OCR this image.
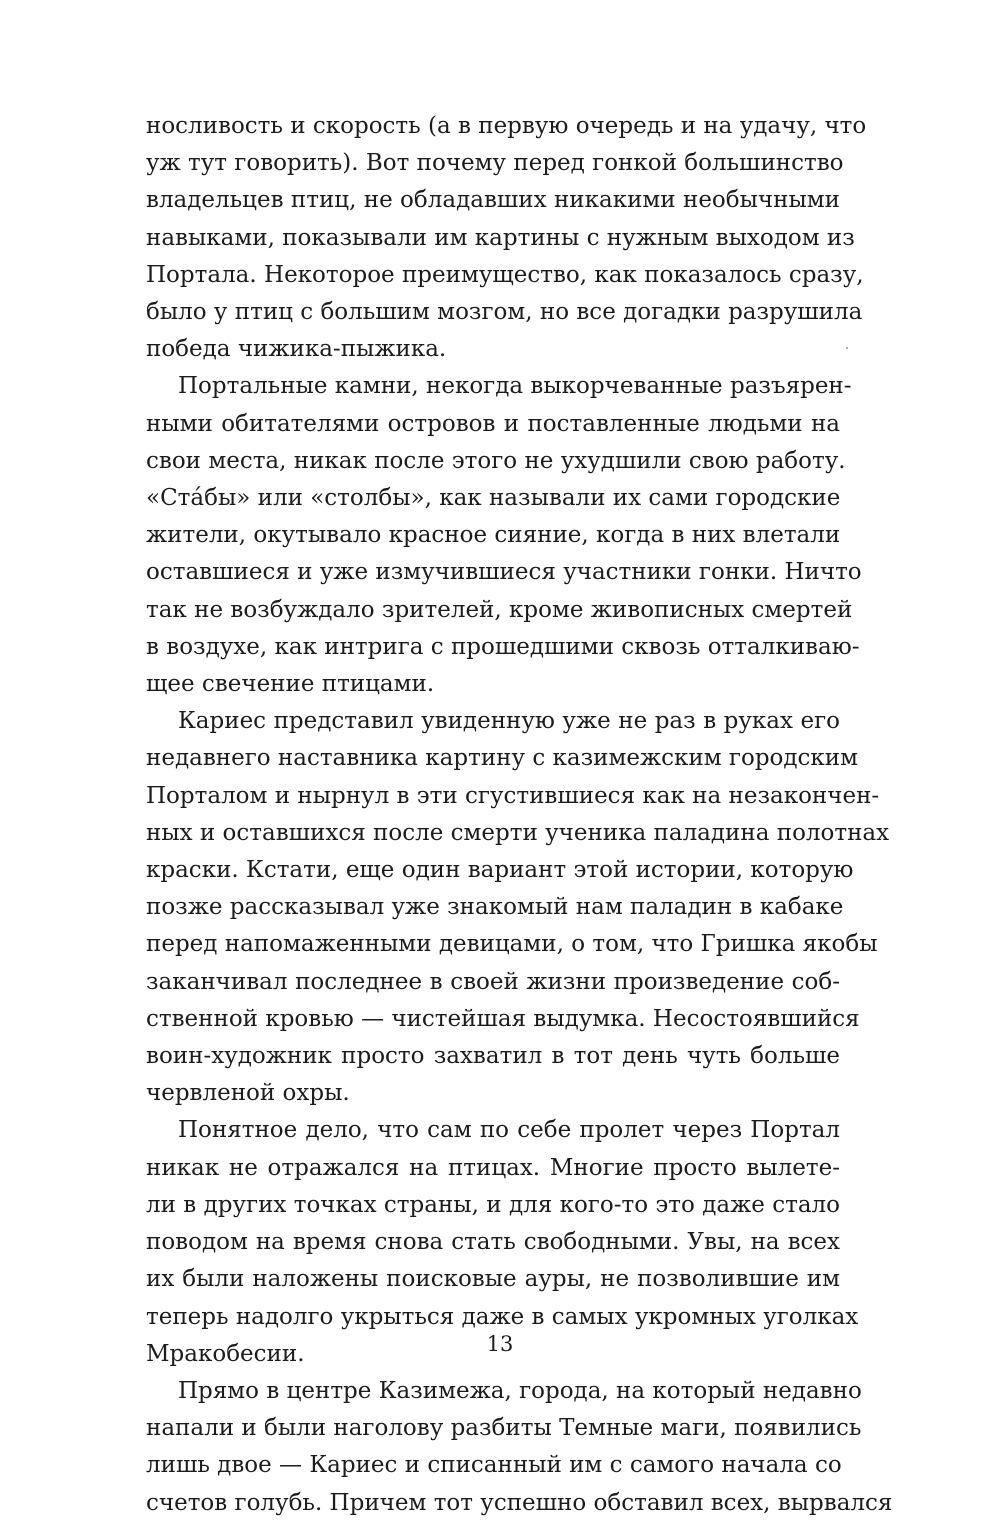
носливость и скорость (а в первую очередь и на удачу, что
уж тут говорить). Вот почему перед гонкой большинство
владельцев птиц, не обладавших никакими необычными
навыками, показывали им картины с нужным выходом из
Портала. Некоторое преимущество, как показалось сразу,
было у птиц с большим мозгом, но все догадки разрушила
победа чижика-пыжика.

Портальные камни, некогда выкорчеванные разъярен-
ными обитателями островов и поставленные людьми на
свои места, никак после этого не ухудшили свою работу.
«Ста́бы» или «столбы», как называли их сами городские
жители, окутывало красное сияние, когда в них влетали
оставшиеся и уже измучившиеся участники гонки. Ничто
так не возбуждало зрителей, кроме живописных смертей
в воздухе, как интрига с прошедшими сквозь отталкиваю-
щее свечение птицами.

Кариес представил увиденную уже не раз в руках его
недавнего наставника картину с казимежским городским
Порталом и нырнул в эти сгустившиеся как на незакончен-
ных и оставшихся после смерти ученика паладина полотнах
краски. Кстати, еще один вариант этой истории, которую
позже рассказывал уже знакомый нам паладин в кабаке
перед напомаженными девицами, о том, что Гришка якобы
заканчивал последнее в своей жизни произведение соб-
ственной кровью — чистейшая выдумка. Несостоявшийся
воин-художник просто захватил в тот день чуть больше
червленой охры.

Понятное дело, что сам по себе пролет через Портал
никак не отражался на птицах. Многие просто вылете-
ли в других точках страны, и для кого-то это даже стало
поводом на время снова стать свободными. Увы, на всех
их были наложены поисковые ауры, не позволившие им
теперь надолго укрыться даже в самых укромных уголках
Мракобесии.

Прямо в центре Казимежа, города, на который недавно
напали и были наголову разбиты Темные маги, появились
лишь двое — Кариес и списанный им с самого начала со
счетов голубь. Причем тот успешно обставил всех, вырвался

13
